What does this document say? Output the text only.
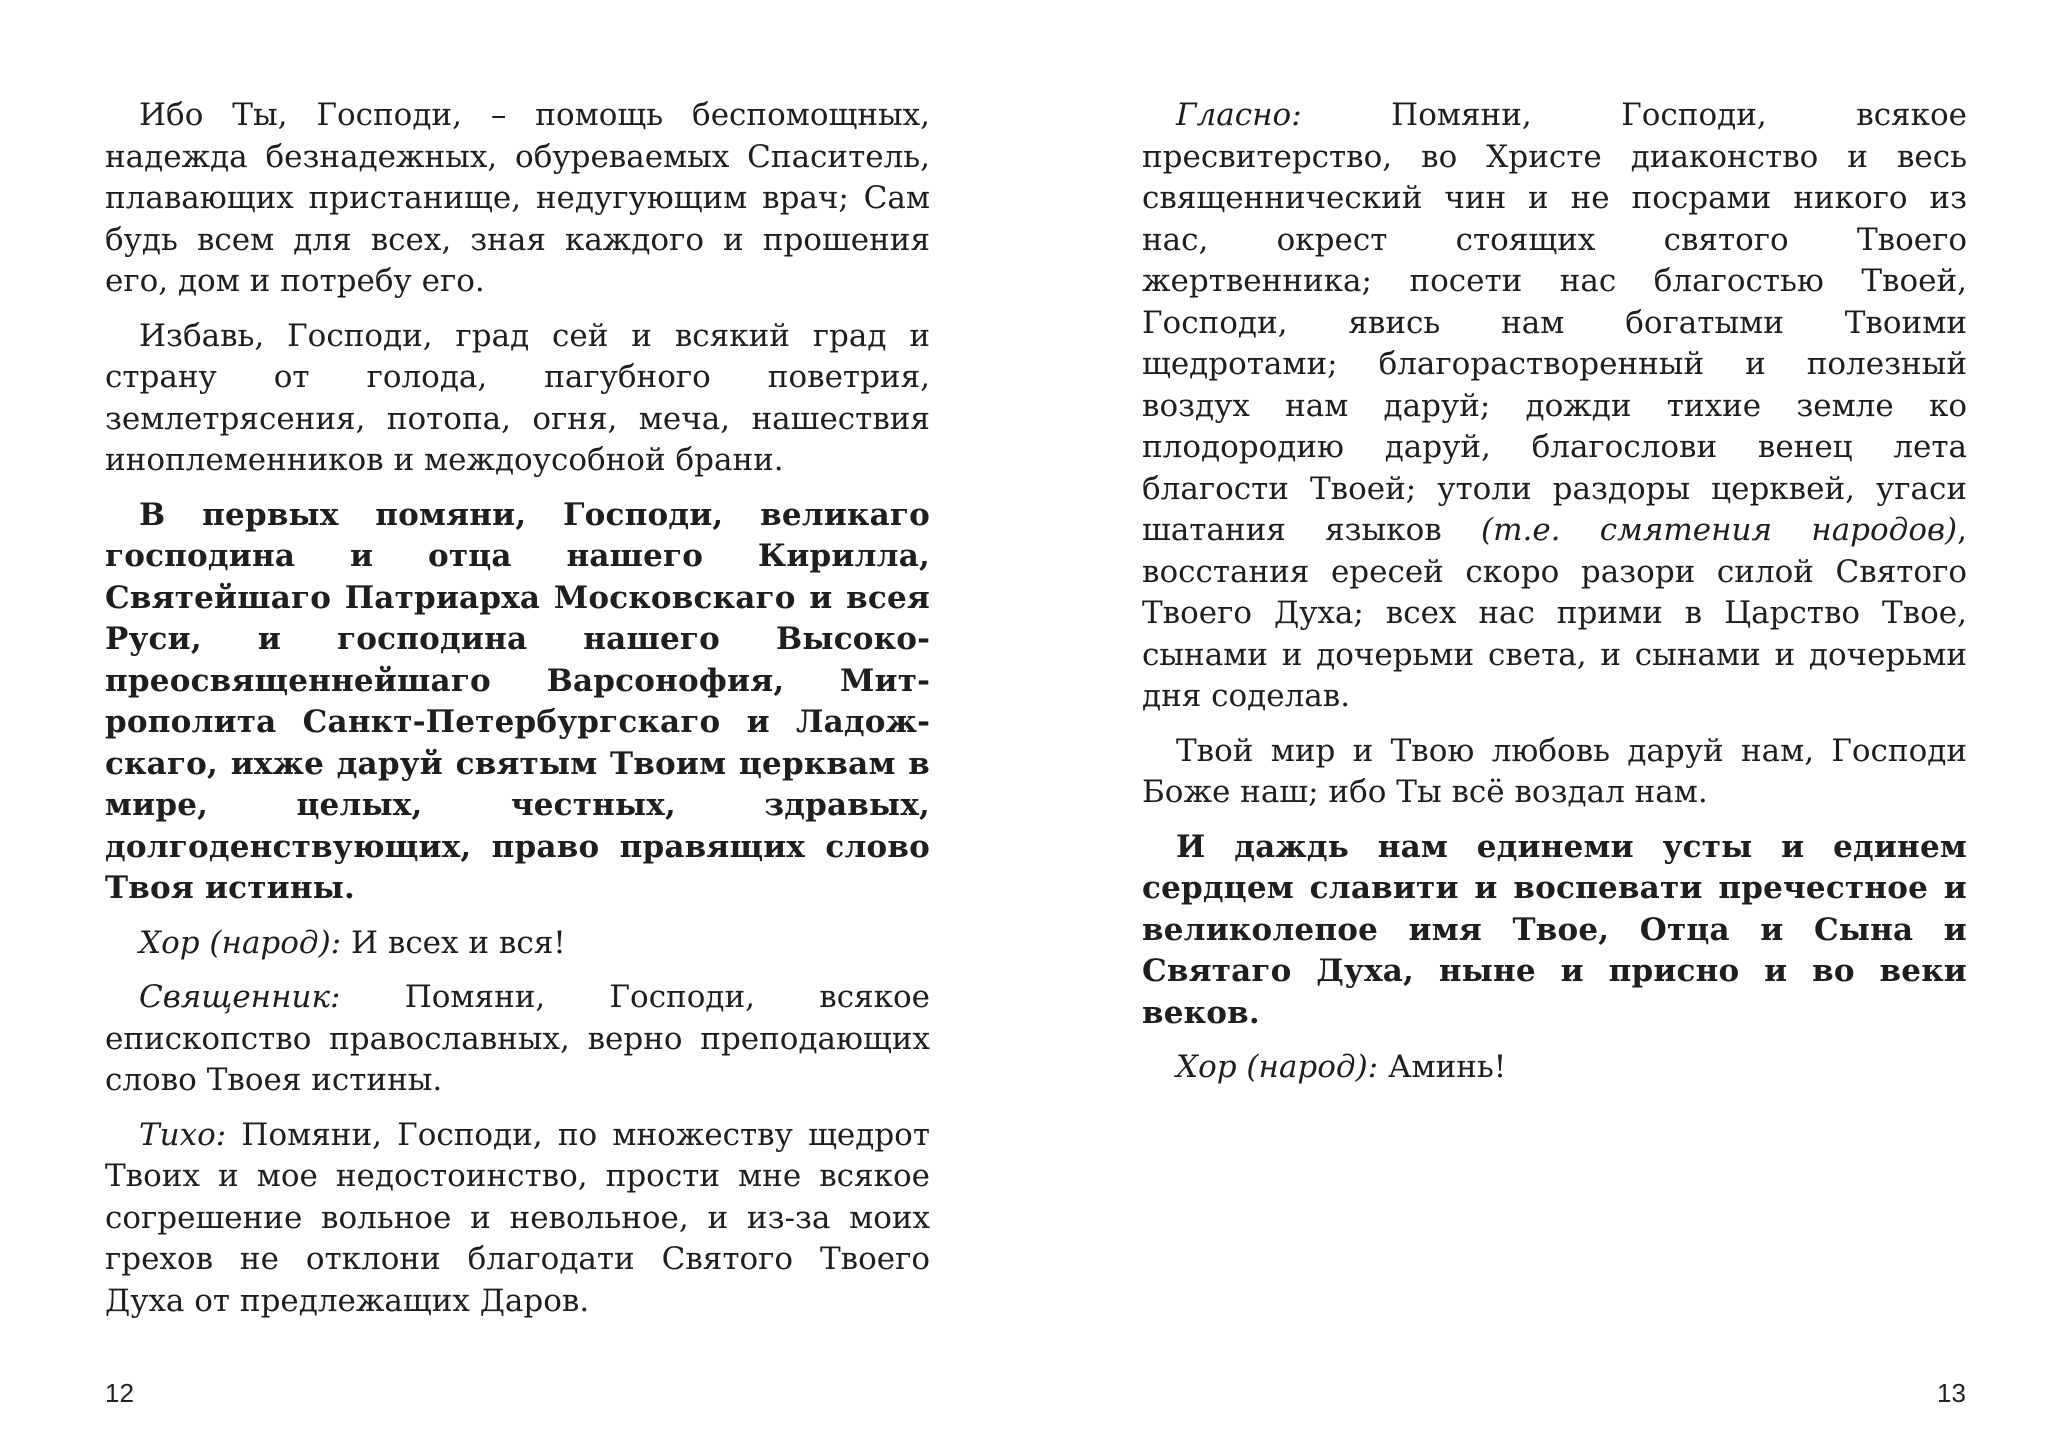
Ибо Ты, Господи, – помощь беспомощных, надежда безнадежных, обуреваемых Спаситель, плавающих пристанище, недугующим врач; Сам будь всем для всех, зная каждого и прошения его, дом и потребу его.

Избавь, Господи, град сей и всякий град и страну от голода, пагубного поветрия, землетрясения, потопа, огня, меча, нашествия иноплеменников и междоусобной брани.

В первых помяни, Господи, великаго господина и отца нашего Кирилла, Святейшаго Патриарха Московскаго и всея Руси, и господина нашего Высокопреосвященнейшаго Варсонофия, Митрополита Санкт-Петербургскаго и Ладожскаго, ихже даруй святым Твоим церквам в мире, целых, честных, здравых, долгоденствующих, право правящих слово Твоя истины.

Хор (народ): И всех и вся!

Священник: Помяни, Господи, всякое епископство православных, верно преподающих слово Твоея истины.

Тихо: Помяни, Господи, по множеству щедрот Твоих и мое недостоинство, прости мне всякое согрешение вольное и невольное, и из-за моих грехов не отклони благодати Святого Твоего Духа от предлежащих Даров.

Гласно: Помяни, Господи, всякое пресвитерство, во Христе диаконство и весь священнический чин и не посрами никого из нас, окрест стоящих святого Твоего жертвенника; посети нас благостью Твоей, Господи, явись нам богатыми Твоими щедротами; благорастворенный и полезный воздух нам даруй; дожди тихие земле ко плодородию даруй, благослови венец лета благости Твоей; утоли раздоры церквей, угаси шатания языков (т.е. смятения народов), восстания ересей скоро разори силой Святого Твоего Духа; всех нас прими в Царство Твое, сынами и дочерьми света, и сынами и дочерьми дня соделав.

Твой мир и Твою любовь даруй нам, Господи Боже наш; ибо Ты всё воздал нам.

И даждь нам единеми усты и единем сердцем славити и воспевати пречестное и великолепое имя Твое, Отца и Сына и Святаго Духа, ныне и присно и во веки веков.

Хор (народ): Аминь!

12	13
